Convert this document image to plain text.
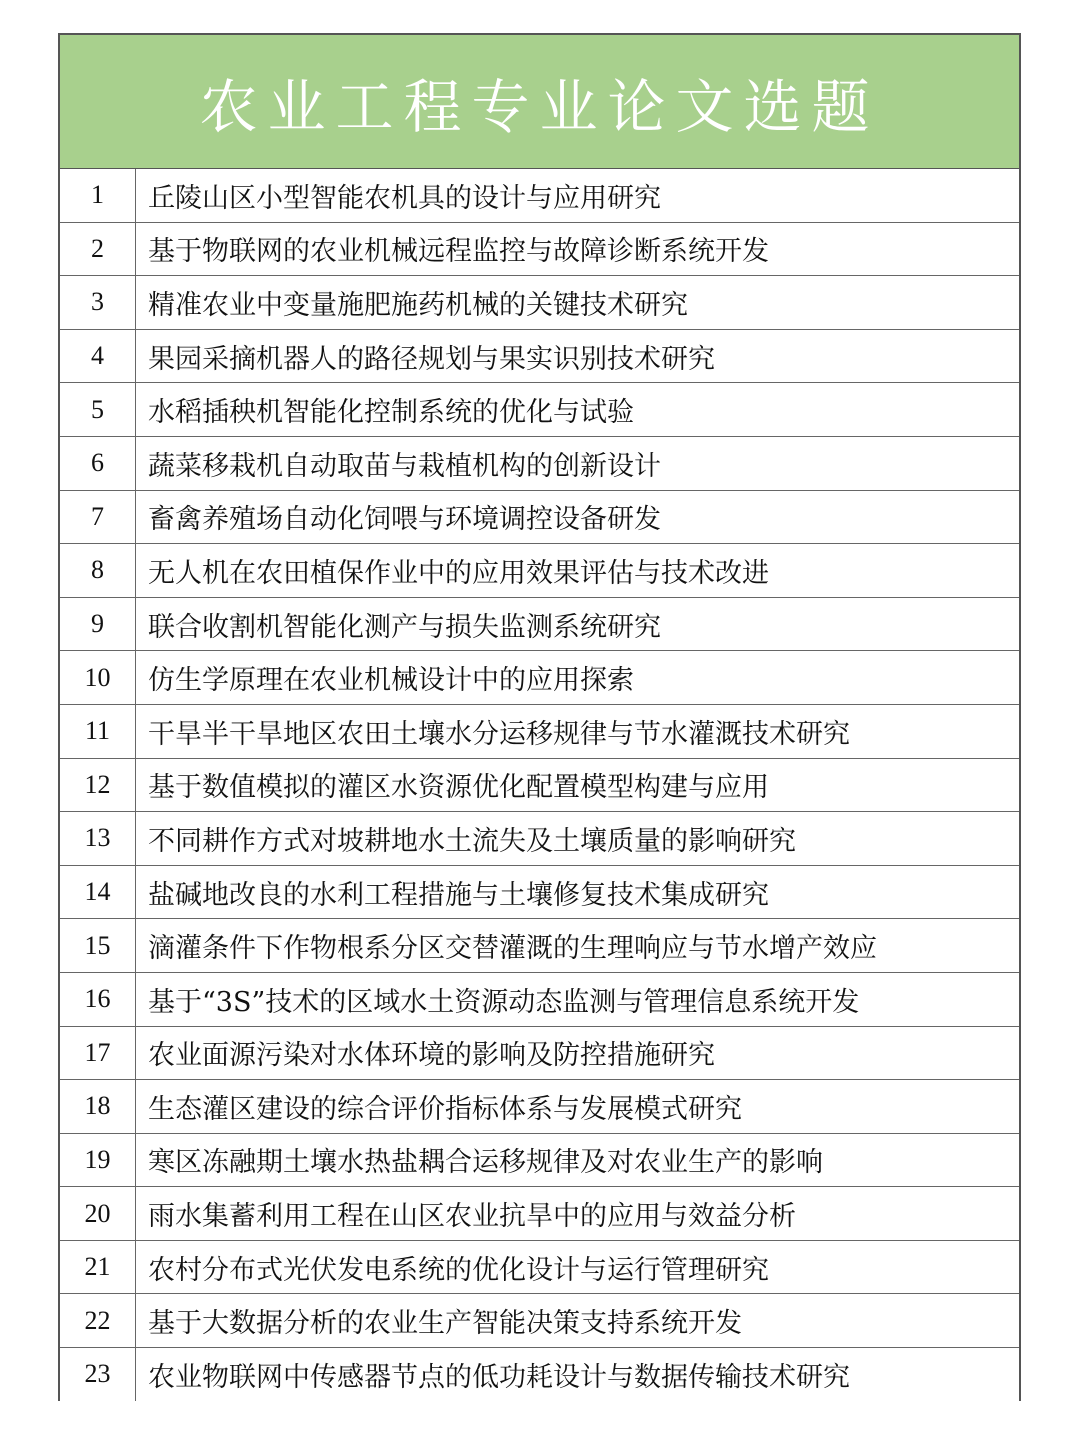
农业工程专业论文选题
1	丘陵山区小型智能农机具的设计与应用研究
2	基于物联网的农业机械远程监控与故障诊断系统开发
3	精准农业中变量施肥施药机械的关键技术研究
4	果园采摘机器人的路径规划与果实识别技术研究
5	水稻插秧机智能化控制系统的优化与试验
6	蔬菜移栽机自动取苗与栽植机构的创新设计
7	畜禽养殖场自动化饲喂与环境调控设备研发
8	无人机在农田植保作业中的应用效果评估与技术改进
9	联合收割机智能化测产与损失监测系统研究
10	仿生学原理在农业机械设计中的应用探索
11	干旱半干旱地区农田土壤水分运移规律与节水灌溉技术研究
12	基于数值模拟的灌区水资源优化配置模型构建与应用
13	不同耕作方式对坡耕地水土流失及土壤质量的影响研究
14	盐碱地改良的水利工程措施与土壤修复技术集成研究
15	滴灌条件下作物根系分区交替灌溉的生理响应与节水增产效应
16	基于“3S”技术的区域水土资源动态监测与管理信息系统开发
17	农业面源污染对水体环境的影响及防控措施研究
18	生态灌区建设的综合评价指标体系与发展模式研究
19	寒区冻融期土壤水热盐耦合运移规律及对农业生产的影响
20	雨水集蓄利用工程在山区农业抗旱中的应用与效益分析
21	农村分布式光伏发电系统的优化设计与运行管理研究
22	基于大数据分析的农业生产智能决策支持系统开发
23	农业物联网中传感器节点的低功耗设计与数据传输技术研究
